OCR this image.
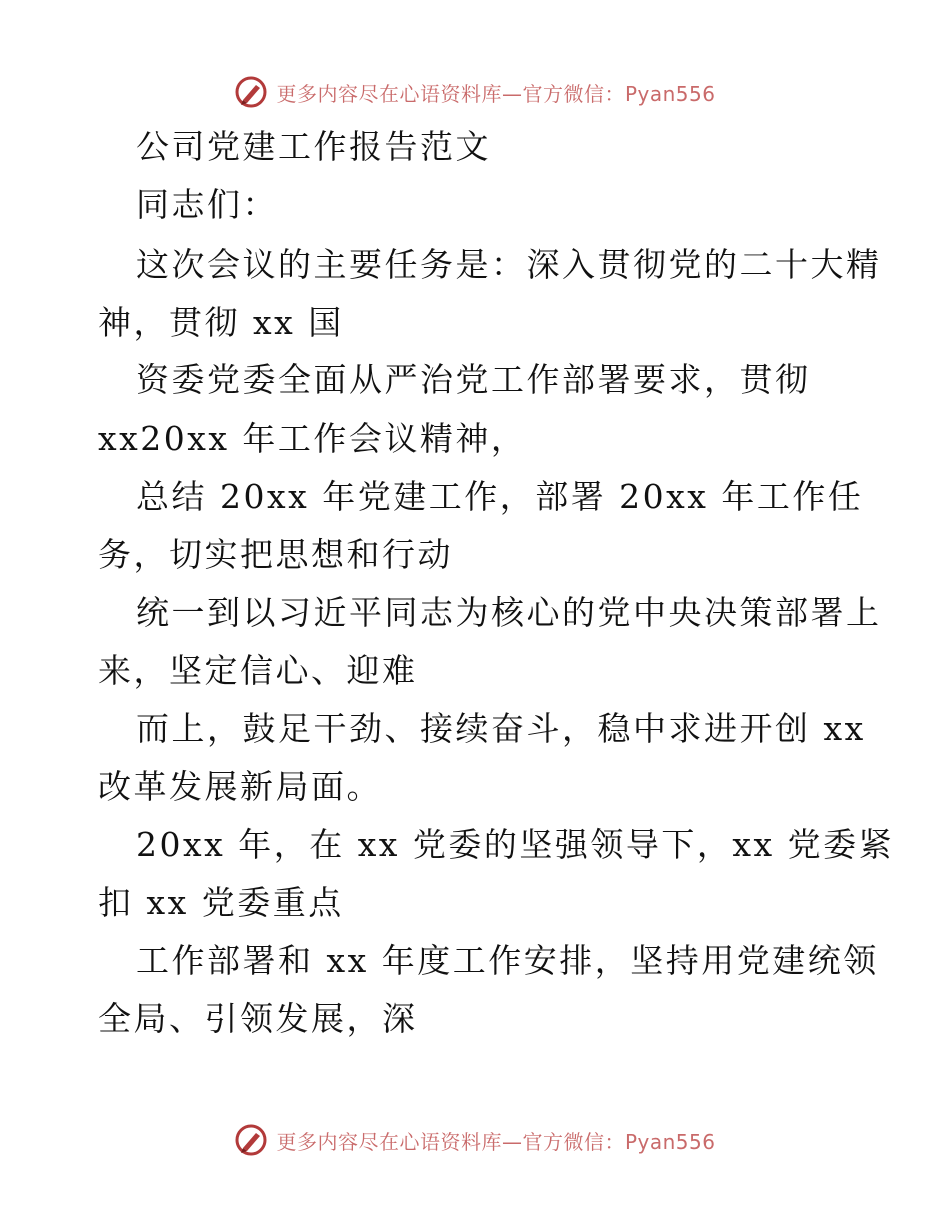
更多内容尽在心语资料库—官方微信：Pyan556
公司党建工作报告范文
同志们：
这次会议的主要任务是：深入贯彻党的二十大精
神，贯彻 xx 国
资委党委全面从严治党工作部署要求，贯彻
xx20xx 年工作会议精神，
总结 20xx 年党建工作，部署 20xx 年工作任
务，切实把思想和行动
统一到以习近平同志为核心的党中央决策部署上
来，坚定信心、迎难
而上，鼓足干劲、接续奋斗，稳中求进开创 xx
改革发展新局面。
20xx 年，在 xx 党委的坚强领导下，xx 党委紧
扣 xx 党委重点
工作部署和 xx 年度工作安排，坚持用党建统领
全局、引领发展，深
更多内容尽在心语资料库—官方微信：Pyan556
